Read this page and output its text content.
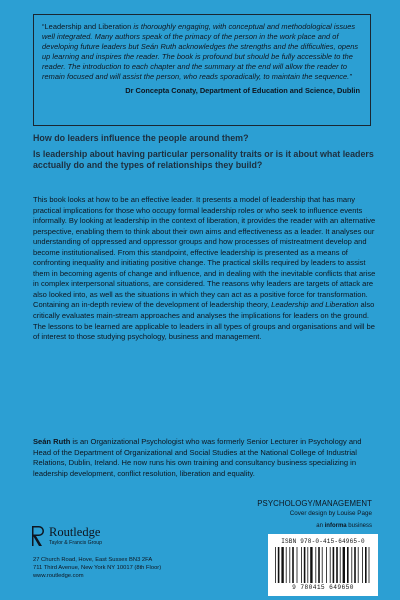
“Leadership and Liberation is thoroughly engaging, with conceptual and methodological issues well integrated. Many authors speak of the primacy of the person in the work place and of developing future leaders but Seán Ruth acknowledges the strengths and the difficulties, opens up learning and inspires the reader. The book is profound but should be fully accessible to the reader. The introduction to each chapter and the summary at the end will allow the reader to remain focused and will assist the person, who reads sporadically, to maintain the sequence.”

Dr Concepta Conaty, Department of Education and Science, Dublin

How do leaders influence the people around them?

Is leadership about having particular personality traits or is it about what leaders acctually do and the types of relationships they build?

This book looks at how to be an effective leader. It presents a model of leadership that has many practical implications for those who occupy formal leadership roles or who seek to influence events informally. By looking at leadership in the context of liberation, it provides the reader with an alternative perspective, enabling them to think about their own aims and effectiveness as a leader. It analyses our understanding of oppressed and oppressor groups and how processes of mistreatment develop and become institutionalised. From this standpoint, effective leadership is presented as a means of confronting inequality and initiating positive change. The practical skills required by leaders to assist them in becoming agents of change and influence, and in dealing with the inevitable conflicts that arise in complex interpersonal situations, are considered. The reasons why leaders are targets of attack are also looked into, as well as the situations in which they can act as a positive force for transformation.
Containing an in-depth review of the development of leadership theory, Leadership and Liberation also critically evaluates main-stream approaches and analyses the implications for leaders on the ground. The lessons to be learned are applicable to leaders in all types of groups and organisations and will be of interest to those studying psychology, business and management.

Seán Ruth is an Organizational Psychologist who was formerly Senior Lecturer in Psychology and Head of the Department of Organizational and Social Studies at the National College of Industrial Relations, Dublin, Ireland. He now runs his own training and consultancy business specializing in leadership development, conflict resolution, liberation and equality.

PSYCHOLOGY/MANAGEMENT
Cover design by Louise Page
an informa business
Routledge
Taylor & Francis Group
27 Church Road, Hove, East Sussex BN3 2FA
711 Third Avenue, New York NY 10017 (8th Floor)
www.routledge.com
ISBN 978-0-415-64965-0
9 780415 649650
